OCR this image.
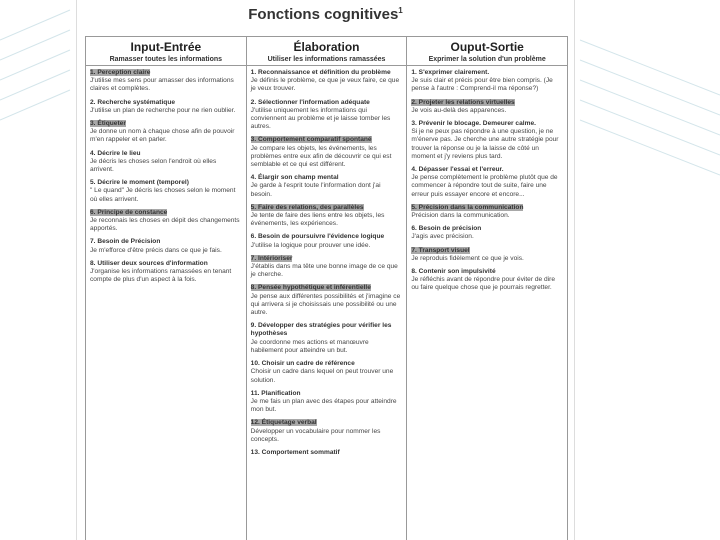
Fonctions cognitives$^1$
Input-Entrée
Ramasser toutes les informations
1. Perception claire
J'utilise mes sens pour amasser des informations claires et complètes.
2. Recherche systématique
J'utilise un plan de recherche pour ne rien oublier.
3. Étiqueter
Je donne un nom à chaque chose afin de pouvoir m'en rappeler et en parler.
4. Décrire le lieu
Je décris les choses selon l'endroit où elles arrivent.
5. Décrire le moment (temporel)
" Le quand" Je décris les choses selon le moment où elles arrivent.
6. Principe de constance
Je reconnais les choses en dépit des changements apportés.
7. Besoin de Précision
Je m'efforce d'être précis dans ce que je fais.
8. Utiliser deux sources d'information
J'organise les informations ramassées en tenant compte de plus d'un aspect à la fois.
Élaboration
Utiliser les informations ramassées
1. Reconnaissance et définition du problème
Je définis le problème, ce que je veux faire, ce que je veux trouver.
2. Sélectionner l'information adéquate
J'utilise uniquement les informations qui conviennent au problème et je laisse tomber les autres.
3. Comportement comparatif spontané
Je compare les objets, les événements, les problèmes entre eux afin de découvrir ce qui est semblable et ce qui est différent.
4. Élargir son champ mental
Je garde à l'esprit toute l'information dont j'ai besoin.
5. Faire des relations, des parallèles
Je tente de faire des liens entre les objets, les événements, les expériences.
6. Besoin de poursuivre l'évidence logique
J'utilise la logique pour prouver une idée.
7. Intérioriser
J'établis dans ma tête une bonne image de ce que je cherche.
8. Pensée hypothétique et inférentielle
Je pense aux différentes possibilités et j'imagine ce qui arrivera si je choisissais une possibilité ou une autre.
9. Développer des stratégies pour vérifier les hypothèses
Je coordonne mes actions et manœuvre habilement pour atteindre un but.
10. Choisir un cadre de référence
Choisir un cadre dans lequel on peut trouver une solution.
11. Planification
Je me fais un plan avec des étapes pour atteindre mon but.
12. Étiquetage verbal
Développer un vocabulaire pour nommer les concepts.
13. Comportement sommatif
Ouput-Sortie
Exprimer la solution d'un problème
1. S'exprimer clairement.
Je suis clair et précis pour être bien compris. (Je pense à l'autre : Comprend-il ma réponse?)
2. Projeter les relations virtuelles
Je vois au-delà des apparences.
3. Prévenir le blocage. Demeurer calme.
Si je ne peux pas répondre à une question, je ne m'énerve pas. Je cherche une autre stratégie pour trouver la réponse ou je la laisse de côté un moment et j'y reviens plus tard.
4. Dépasser l'essai et l'erreur.
Je pense complètement le problème plutôt que de commencer à répondre tout de suite, faire une erreur puis essayer encore et encore...
5. Précision dans la communication
Précision dans la communication.
6. Besoin de précision
J'agis avec précision.
7. Transport visuel
Je reproduis fidèlement ce que je vois.
8. Contenir son impulsivité
Je réfléchis avant de répondre pour éviter de dire ou faire quelque chose que je pourrais regretter.
